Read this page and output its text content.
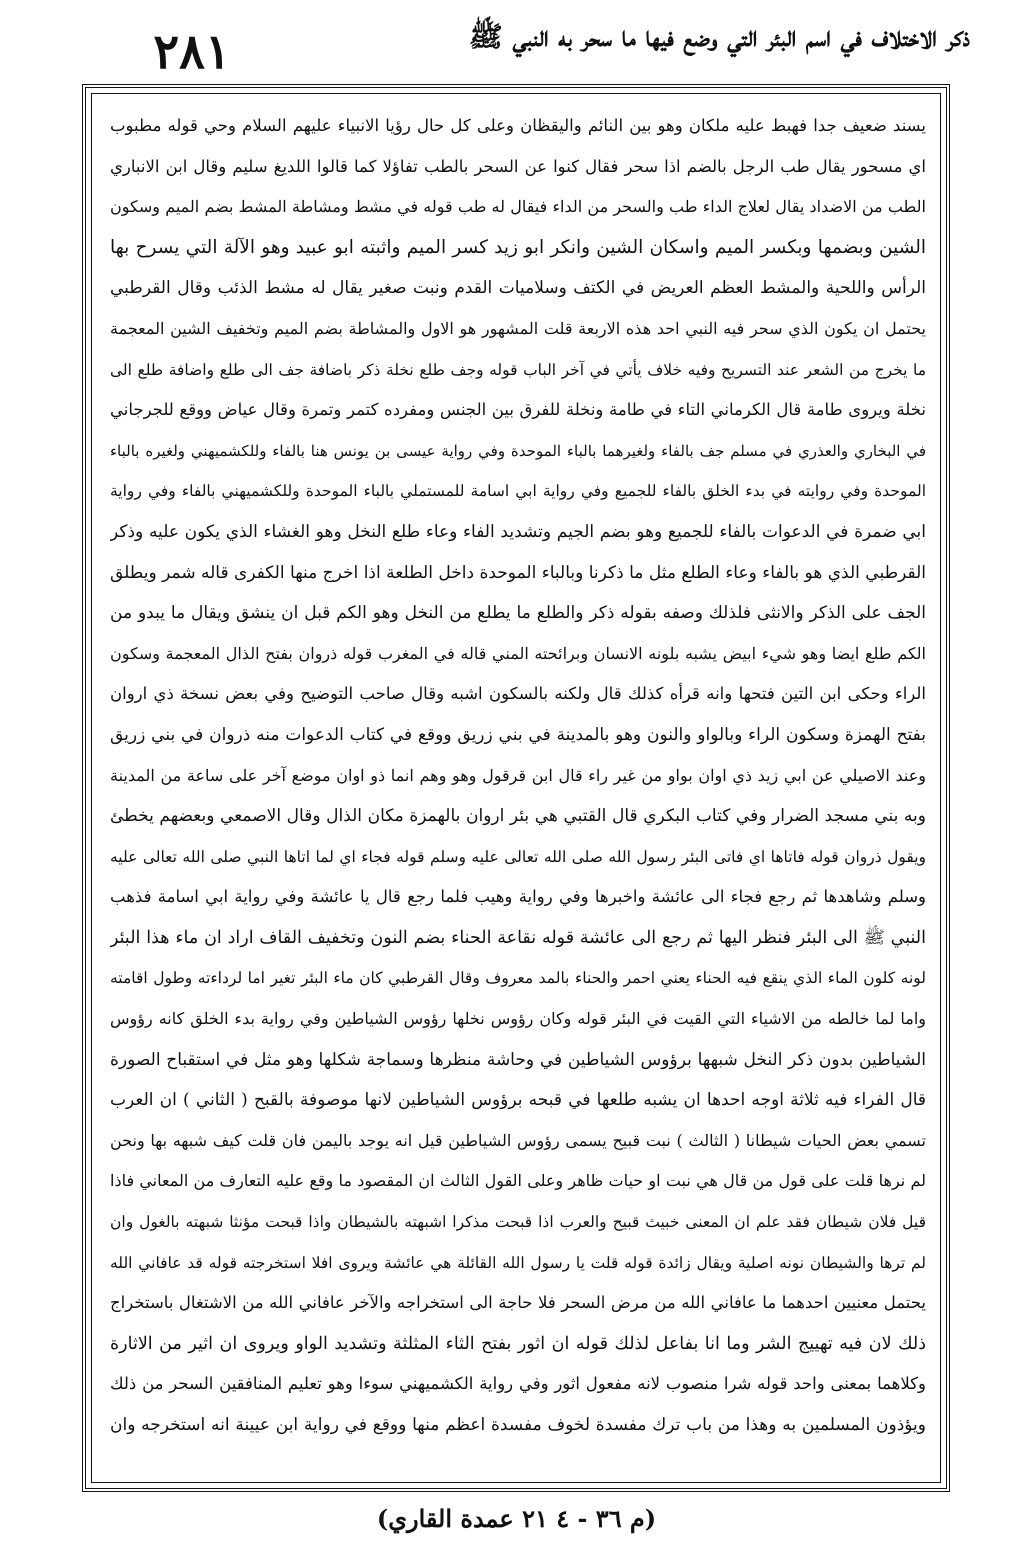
٢٨١	ذکر الاختلاف في اسم البئر التي وضع فيها ما سحر به النبي ﷺ
يسند ضعيف جدا فهبط عليه ملكان وهو بين النائم واليقظان وعلى كل حال رؤيا الانبياء عليهم السلام وحي قوله مطبوب
اي مسحور يقال طب الرجل بالضم اذا سحر فقال كنوا عن السحر بالطب تفاؤلا كما قالوا اللديغ سليم وقال ابن الانباري
الطب من الاضداد يقال لعلاج الداء طب والسحر من الداء فيقال له طب قوله في مشط ومشاطة المشط بضم الميم وسكون
الشين وبضمها وبكسر الميم واسكان الشين وانكر ابو زيد كسر الميم واثبته ابو عبيد وهو الآلة التي يسرح بها
الرأس واللحية والمشط العظم العريض في الكتف وسلاميات القدم ونبت صغير يقال له مشط الذئب وقال القرطبي
يحتمل ان يكون الذي سحر فيه النبي احد هذه الاربعة قلت المشهور هو الاول والمشاطة بضم الميم وتخفيف الشين المعجمة
ما يخرج من الشعر عند التسريح وفيه خلاف يأتي في آخر الباب قوله وجف طلع نخلة ذكر باضافة جف الى طلع واضافة طلع الى
نخلة ويروى طامة قال الكرماني التاء في طامة ونخلة للفرق بين الجنس ومفرده كتمر وتمرة وقال عياض ووقع للجرجاني
في البخاري والعذري في مسلم جف بالفاء ولغيرهما بالباء الموحدة وفي رواية عيسى بن يونس هنا بالفاء وللكشميهني ولغيره بالباء
الموحدة وفي روايته في بدء الخلق بالفاء للجميع وفي رواية ابي اسامة للمستملي بالباء الموحدة وللكشميهني بالفاء وفي رواية
ابي ضمرة في الدعوات بالفاء للجميع وهو بضم الجيم وتشديد الفاء وعاء طلع النخل وهو الغشاء الذي يكون عليه وذكر
القرطبي الذي هو بالفاء وعاء الطلع مثل ما ذكرنا وبالباء الموحدة داخل الطلعة اذا اخرج منها الكفرى قاله شمر ويطلق
الجف على الذكر والانثى فلذلك وصفه بقوله ذكر والطلع ما يطلع من النخل وهو الكم قبل ان ينشق ويقال ما يبدو من
الكم طلع ايضا وهو شيء ابيض يشبه بلونه الانسان وبرائحته المني قاله في المغرب قوله ذروان بفتح الذال المعجمة وسكون
الراء وحكى ابن التين فتحها وانه قرأه كذلك قال ولكنه بالسكون اشبه وقال صاحب التوضيح وفي بعض نسخة ذي اروان
بفتح الهمزة وسكون الراء وبالواو والنون وهو بالمدينة في بني زريق ووقع في كتاب الدعوات منه ذروان في بني زريق
وعند الاصيلي عن ابي زيد ذي اوان بواو من غير راء قال ابن قرقول وهو وهم انما ذو اوان موضع آخر على ساعة من المدينة
وبه بني مسجد الضرار وفي كتاب البكري قال القتبي هي بئر اروان بالهمزة مكان الذال وقال الاصمعي وبعضهم يخطئ
ويقول ذروان قوله فاتاها اي فاتى البئر رسول الله صلى الله تعالى عليه وسلم قوله فجاء اي لما اتاها النبي صلى الله تعالى عليه
وسلم وشاهدها ثم رجع فجاء الى عائشة واخبرها وفي رواية وهيب فلما رجع قال يا عائشة وفي رواية ابي اسامة فذهب
النبي ﷺ الى البئر فنظر اليها ثم رجع الى عائشة قوله نقاعة الحناء بضم النون وتخفيف القاف اراد ان ماء هذا البئر
لونه كلون الماء الذي ينقع فيه الحناء يعني احمر والحناء بالمد معروف وقال القرطبي كان ماء البئر تغير اما لرداءته وطول اقامته
واما لما خالطه من الاشياء التي القيت في البئر قوله وكان رؤوس نخلها رؤوس الشياطين وفي رواية بدء الخلق كانه رؤوس
الشياطين بدون ذكر النخل شبهها برؤوس الشياطين في وحاشة منظرها وسماجة شكلها وهو مثل في استقباح الصورة
قال الفراء فيه ثلاثة اوجه احدها ان يشبه طلعها في قبحه برؤوس الشياطين لانها موصوفة بالقبح ( الثاني ) ان العرب
تسمي بعض الحيات شيطانا ( الثالث ) نبت قبيح يسمى رؤوس الشياطين قيل انه يوجد باليمن فان قلت كيف شبهه بها ونحن
لم نرها قلت على قول من قال هي نبت او حيات ظاهر وعلى القول الثالث ان المقصود ما وقع عليه التعارف من المعاني فاذا
قيل فلان شيطان فقد علم ان المعنى خبيث قبيح والعرب اذا قبحت مذكرا اشبهته بالشيطان واذا قبحت مؤنثا شبهته بالغول وان
لم ترها والشيطان نونه اصلية ويقال زائدة قوله قلت يا رسول الله القائلة هي عائشة ويروى افلا استخرجته قوله قد عافاني الله
يحتمل معنيين احدهما ما عافاني الله من مرض السحر فلا حاجة الى استخراجه والآخر عافاني الله من الاشتغال باستخراج
ذلك لان فيه تهييج الشر وما انا بفاعل لذلك قوله ان اثور بفتح الثاء المثلثة وتشديد الواو ويروى ان اثير من الاثارة
وكلاهما بمعنى واحد قوله شرا منصوب لانه مفعول اثور وفي رواية الكشميهني سوءا وهو تعليم المنافقين السحر من ذلك
ويؤذون المسلمين به وهذا من باب ترك مفسدة لخوف مفسدة اعظم منها ووقع في رواية ابن عيينة انه استخرجه وان
(م ٣٦ - ٤ ٢١ عمدة القاري)
